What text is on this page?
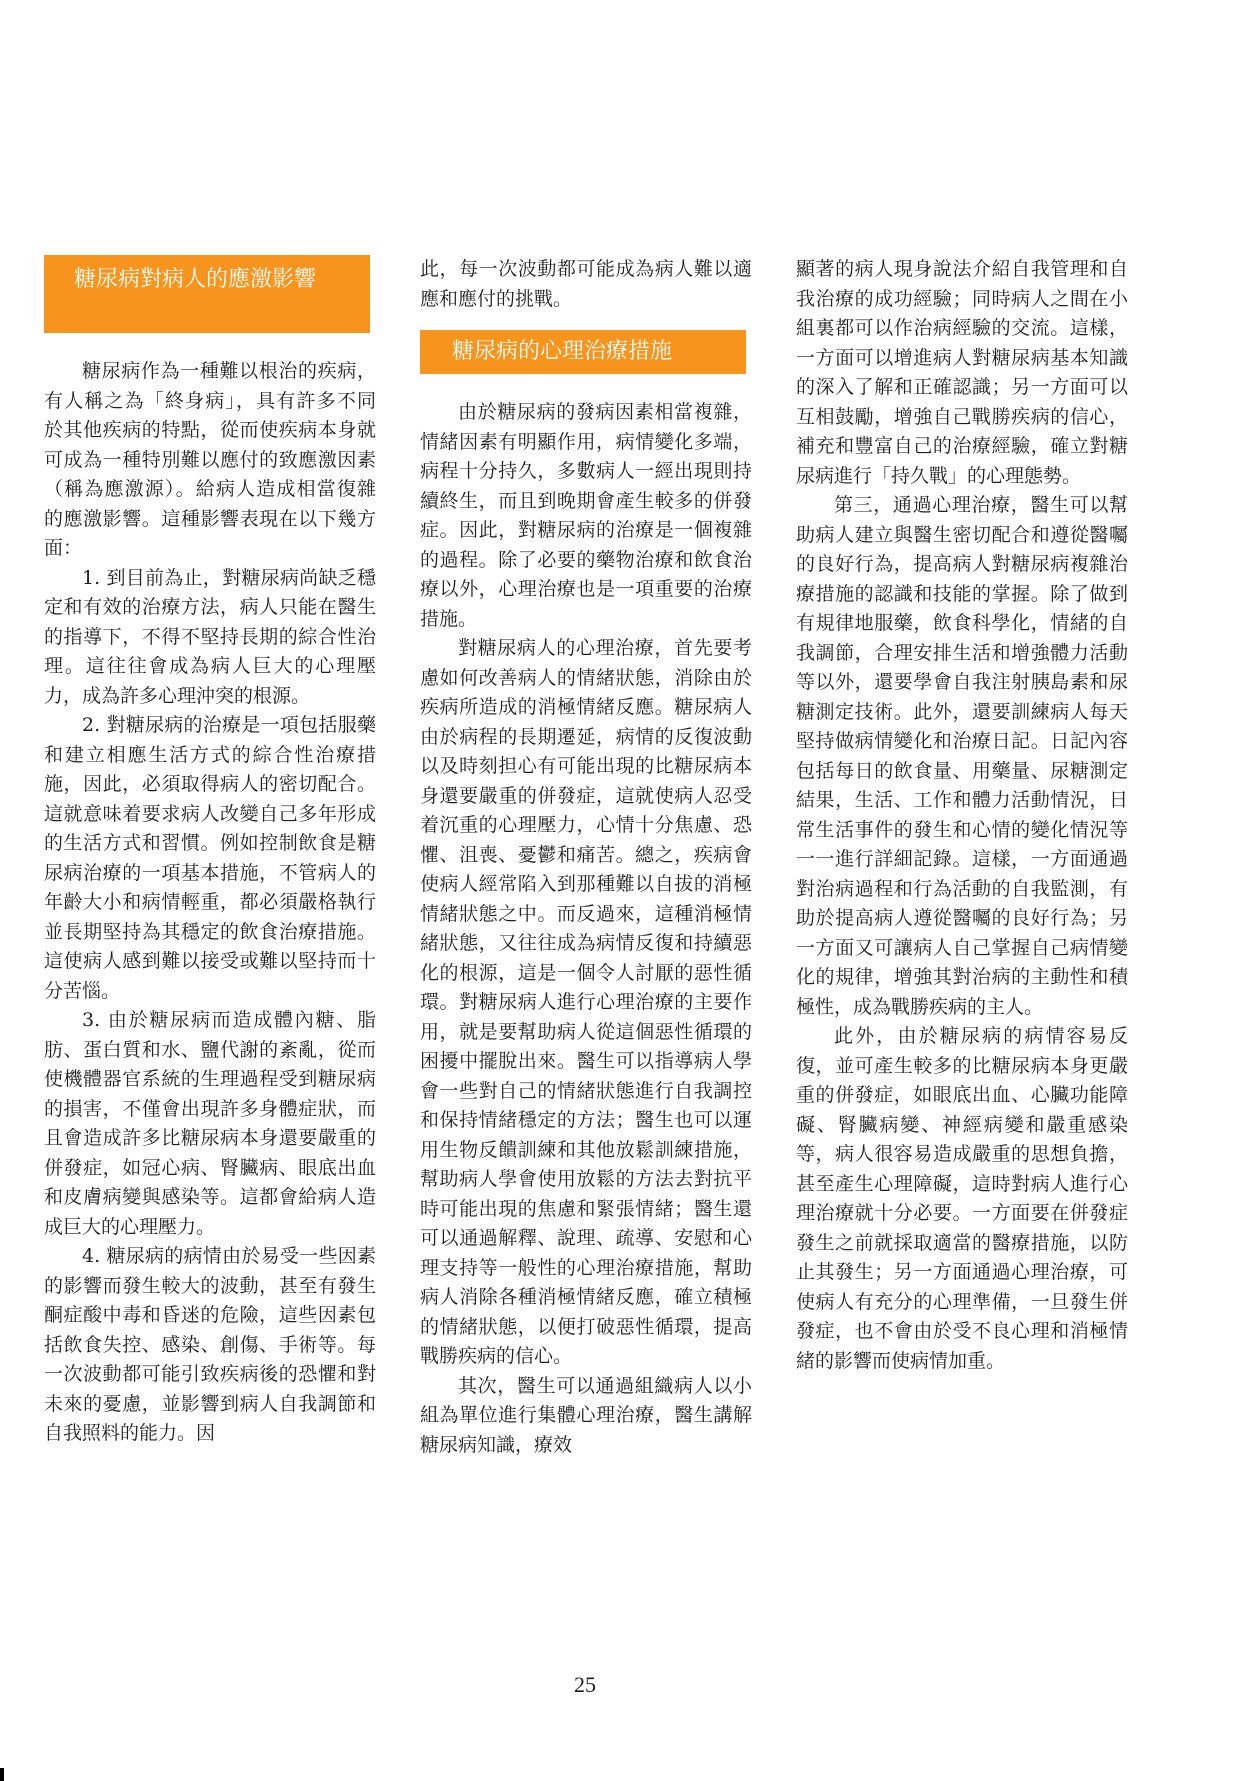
糖尿病對病人的應激影響

糖尿病作為一種難以根治的疾病，有人稱之為「終身病」，具有許多不同於其他疾病的特點，從而使疾病本身就可成為一種特別難以應付的致應激因素（稱為應激源）。給病人造成相當復雜的應激影響。這種影響表現在以下幾方面：

1. 到目前為止，對糖尿病尚缺乏穩定和有效的治療方法，病人只能在醫生的指導下，不得不堅持長期的綜合性治理。這往往會成為病人巨大的心理壓力，成為許多心理沖突的根源。

2. 對糖尿病的治療是一項包括服藥和建立相應生活方式的綜合性治療措施，因此，必須取得病人的密切配合。這就意味着要求病人改變自己多年形成的生活方式和習慣。例如控制飲食是糖尿病治療的一項基本措施，不管病人的年齡大小和病情輕重，都必須嚴格執行並長期堅持為其穩定的飲食治療措施。這使病人感到難以接受或難以堅持而十分苦惱。

3. 由於糖尿病而造成體內糖、脂肪、蛋白質和水、鹽代謝的紊亂，從而使機體器官系統的生理過程受到糖尿病的損害，不僅會出現許多身體症狀，而且會造成許多比糖尿病本身還要嚴重的併發症，如冠心病、腎臟病、眼底出血和皮膚病變與感染等。這都會給病人造成巨大的心理壓力。

4. 糖尿病的病情由於易受一些因素的影響而發生較大的波動，甚至有發生酮症酸中毒和昏迷的危險，這些因素包括飲食失控、感染、創傷、手術等。每一次波動都可能引致疾病後的恐懼和對未來的憂慮，並影響到病人自我調節和自我照料的能力。因

此，每一次波動都可能成為病人難以適應和應付的挑戰。

糖尿病的心理治療措施

由於糖尿病的發病因素相當複雜，情緒因素有明顯作用，病情變化多端，病程十分持久，多數病人一經出現則持續終生，而且到晚期會產生較多的併發症。因此，對糖尿病的治療是一個複雜的過程。除了必要的藥物治療和飲食治療以外，心理治療也是一項重要的治療措施。

對糖尿病人的心理治療，首先要考慮如何改善病人的情緒狀態，消除由於疾病所造成的消極情緒反應。糖尿病人由於病程的長期遷延，病情的反復波動以及時刻担心有可能出現的比糖尿病本身還要嚴重的併發症，這就使病人忍受着沉重的心理壓力，心情十分焦慮、恐懼、沮喪、憂鬱和痛苦。總之，疾病會使病人經常陷入到那種難以自拔的消極情緒狀態之中。而反過來，這種消極情緒狀態，又往往成為病情反復和持續惡化的根源，這是一個令人討厭的惡性循環。對糖尿病人進行心理治療的主要作用，就是要幫助病人從這個惡性循環的困擾中擺脫出來。醫生可以指導病人學會一些對自己的情緒狀態進行自我調控和保持情緒穩定的方法；醫生也可以運用生物反饋訓練和其他放鬆訓練措施，幫助病人學會使用放鬆的方法去對抗平時可能出現的焦慮和緊張情緒；醫生還可以通過解釋、說理、疏導、安慰和心理支持等一般性的心理治療措施，幫助病人消除各種消極情緒反應，確立積極的情緒狀態，以便打破惡性循環，提高戰勝疾病的信心。

其次，醫生可以通過組織病人以小組為單位進行集體心理治療，醫生講解糖尿病知識，療效

顯著的病人現身說法介紹自我管理和自我治療的成功經驗；同時病人之間在小組裏都可以作治病經驗的交流。這樣，一方面可以增進病人對糖尿病基本知識的深入了解和正確認識；另一方面可以互相鼓勵，增強自己戰勝疾病的信心，補充和豐富自己的治療經驗，確立對糖尿病進行「持久戰」的心理態勢。

第三，通過心理治療，醫生可以幫助病人建立與醫生密切配合和遵從醫囑的良好行為，提高病人對糖尿病複雜治療措施的認識和技能的掌握。除了做到有規律地服藥，飲食科學化，情緒的自我調節，合理安排生活和增強體力活動等以外，還要學會自我注射胰島素和尿糖測定技術。此外，還要訓練病人每天堅持做病情變化和治療日記。日記內容包括每日的飲食量、用藥量、尿糖測定結果，生活、工作和體力活動情況，日常生活事件的發生和心情的變化情況等一一進行詳細記錄。這樣，一方面通過對治病過程和行為活動的自我監測，有助於提高病人遵從醫囑的良好行為；另一方面又可讓病人自己掌握自己病情變化的規律，增強其對治病的主動性和積極性，成為戰勝疾病的主人。

此外，由於糖尿病的病情容易反復，並可產生較多的比糖尿病本身更嚴重的併發症，如眼底出血、心臟功能障礙、腎臟病變、神經病變和嚴重感染等，病人很容易造成嚴重的思想負擔，甚至產生心理障礙，這時對病人進行心理治療就十分必要。一方面要在併發症發生之前就採取適當的醫療措施，以防止其發生；另一方面通過心理治療，可使病人有充分的心理準備，一旦發生併發症，也不會由於受不良心理和消極情緒的影響而使病情加重。

25
